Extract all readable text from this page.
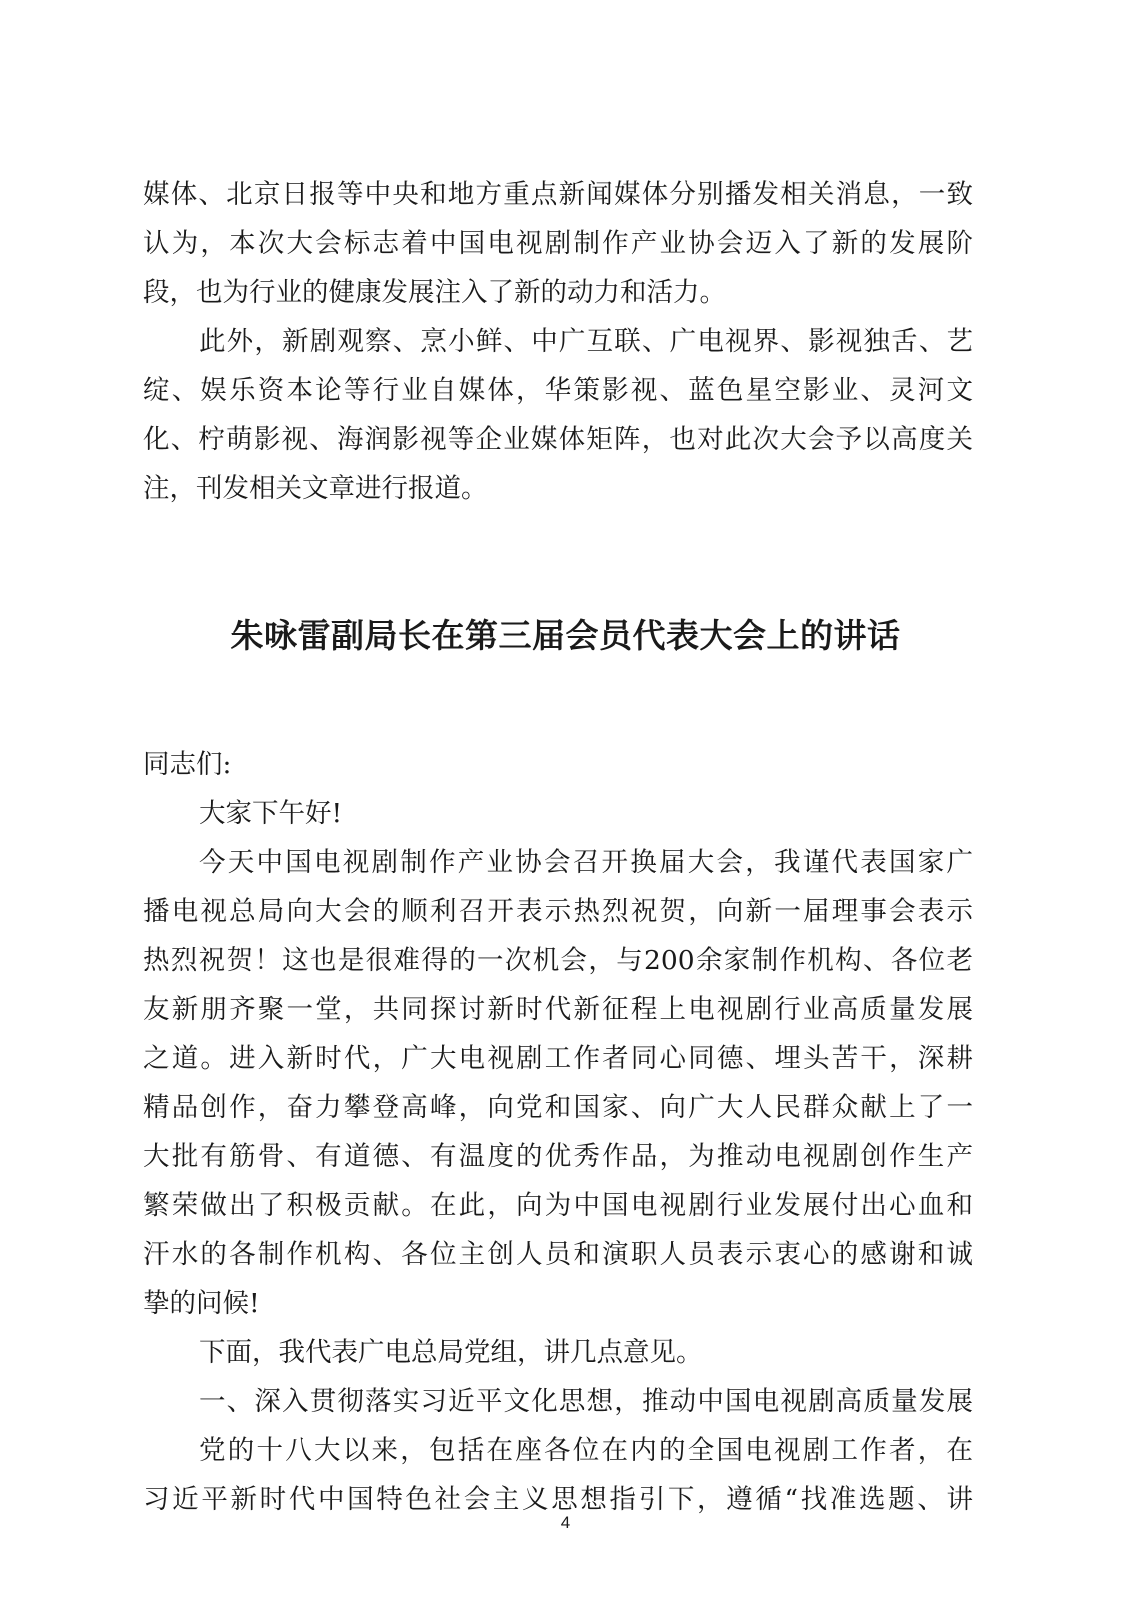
媒体、北京日报等中央和地方重点新闻媒体分别播发相关消息，一致
认为，本次大会标志着中国电视剧制作产业协会迈入了新的发展阶
段，也为行业的健康发展注入了新的动力和活力。
此外，新剧观察、烹小鲜、中广互联、广电视界、影视独舌、艺
绽、娱乐资本论等行业自媒体，华策影视、蓝色星空影业、灵河文
化、柠萌影视、海润影视等企业媒体矩阵，也对此次大会予以高度关
注，刊发相关文章进行报道。
朱咏雷副局长在第三届会员代表大会上的讲话
同志们:
大家下午好!
今天中国电视剧制作产业协会召开换届大会，我谨代表国家广
播电视总局向大会的顺利召开表示热烈祝贺，向新一届理事会表示
热烈祝贺！这也是很难得的一次机会，与200余家制作机构、各位老
友新朋齐聚一堂，共同探讨新时代新征程上电视剧行业高质量发展
之道。进入新时代，广大电视剧工作者同心同德、埋头苦干，深耕
精品创作，奋力攀登高峰，向党和国家、向广大人民群众献上了一
大批有筋骨、有道德、有温度的优秀作品，为推动电视剧创作生产
繁荣做出了积极贡献。在此，向为中国电视剧行业发展付出心血和
汗水的各制作机构、各位主创人员和演职人员表示衷心的感谢和诚
挚的问候!
下面，我代表广电总局党组，讲几点意见。
一、深入贯彻落实习近平文化思想，推动中国电视剧高质量发展
党的十八大以来，包括在座各位在内的全国电视剧工作者，在
习近平新时代中国特色社会主义思想指引下，遵循“找准选题、讲
4
